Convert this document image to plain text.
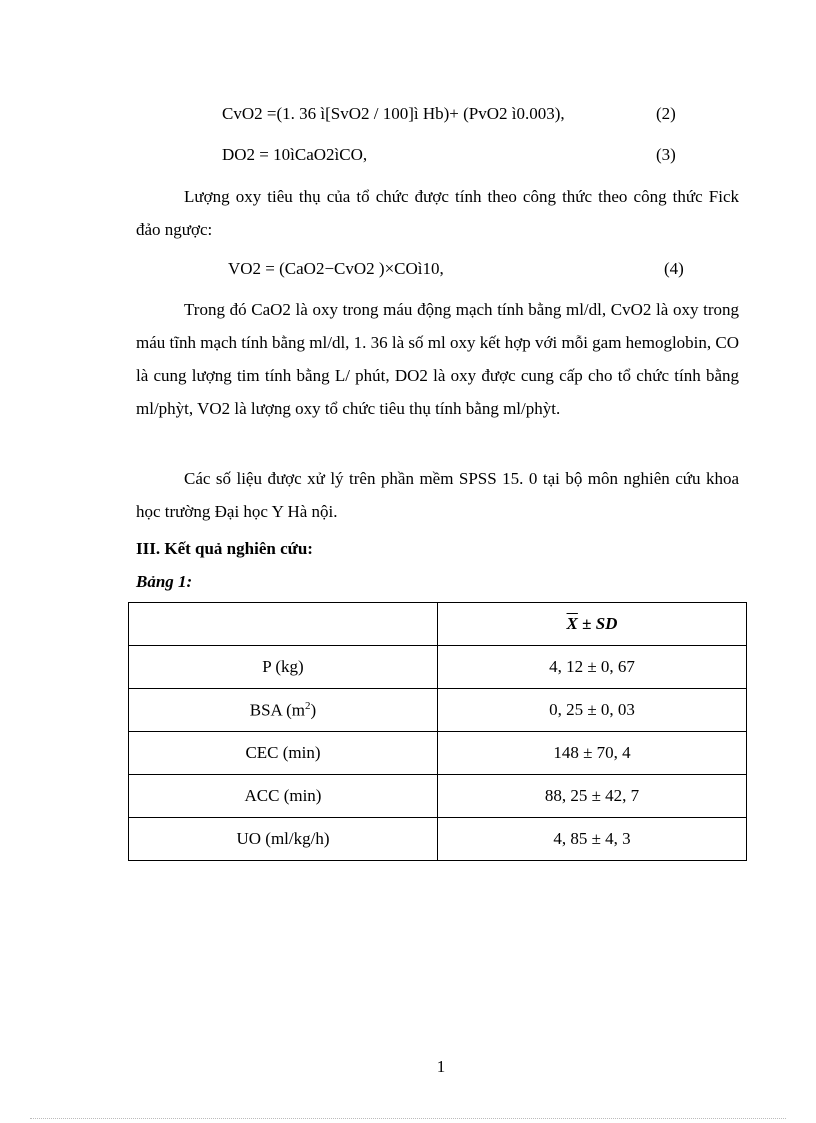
CvO2 =(1. 36 ì[SvO2 / 100]ì Hb)+ (PvO2 ì0.003),	(2)
DO2 = 10ìCaO2ìCO,	(3)
Lượng oxy tiêu thụ của tổ chức được tính theo công thức theo công thức Fick đảo ngược:
VO2 = (CaO2−CvO2 )×COì10,	(4)
Trong đó CaO2 là oxy trong máu động mạch tính bằng ml/dl, CvO2 là oxy trong máu tĩnh mạch tính bằng ml/dl, 1. 36 là số ml oxy kết hợp với mỗi gam hemoglobin, CO là cung lượng tim tính bằng L/ phút, DO2 là oxy được cung cấp cho tổ chức tính bằng ml/phỳt, VO2 là lượng oxy tổ chức tiêu thụ tính bằng ml/phỳt.
Các số liệu được xử lý trên phần mềm SPSS 15. 0 tại bộ môn nghiên cứu khoa học trường Đại học Y Hà nội.
III. Kết quả nghiên cứu:
Bảng 1:
	$\overline{X}$ ± SD
P (kg)	4, 12 ± 0, 67
BSA $(m^2)$	0, 25 ± 0, 03
CEC (min)	148 ± 70, 4
ACC (min)	88, 25 ± 42, 7
UO (ml/kg/h)	4, 85 ± 4, 3
1
